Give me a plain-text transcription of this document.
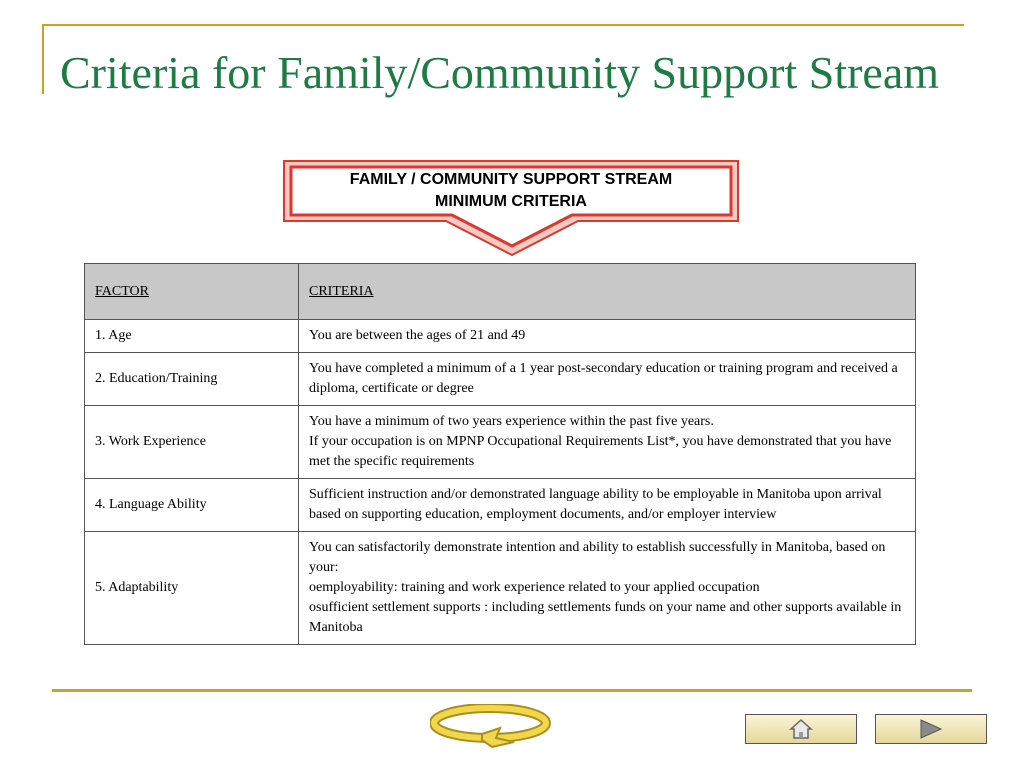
Criteria for Family/Community Support Stream
FAMILY / COMMUNITY SUPPORT STREAM
MINIMUM CRITERIA
FACTOR	CRITERIA
1. Age	You are between the ages of 21 and 49

2. Education/Training	You have completed a minimum of a 1 year post-secondary education or training program and received a diploma, certificate or degree

3. Work Experience	You have a minimum of two years experience within the past five years.
If your occupation is on MPNP Occupational Requirements List*, you have demonstrated that you have met the specific requirements

4. Language Ability	Sufficient instruction and/or demonstrated language ability to be employable in Manitoba upon arrival based on supporting education, employment documents, and/or employer interview

5. Adaptability	You can satisfactorily demonstrate intention and ability to establish successfully in Manitoba, based on your:
oemployability: training and work experience related to your applied occupation
osufficient settlement supports : including settlements funds on your name and other supports available in Manitoba
